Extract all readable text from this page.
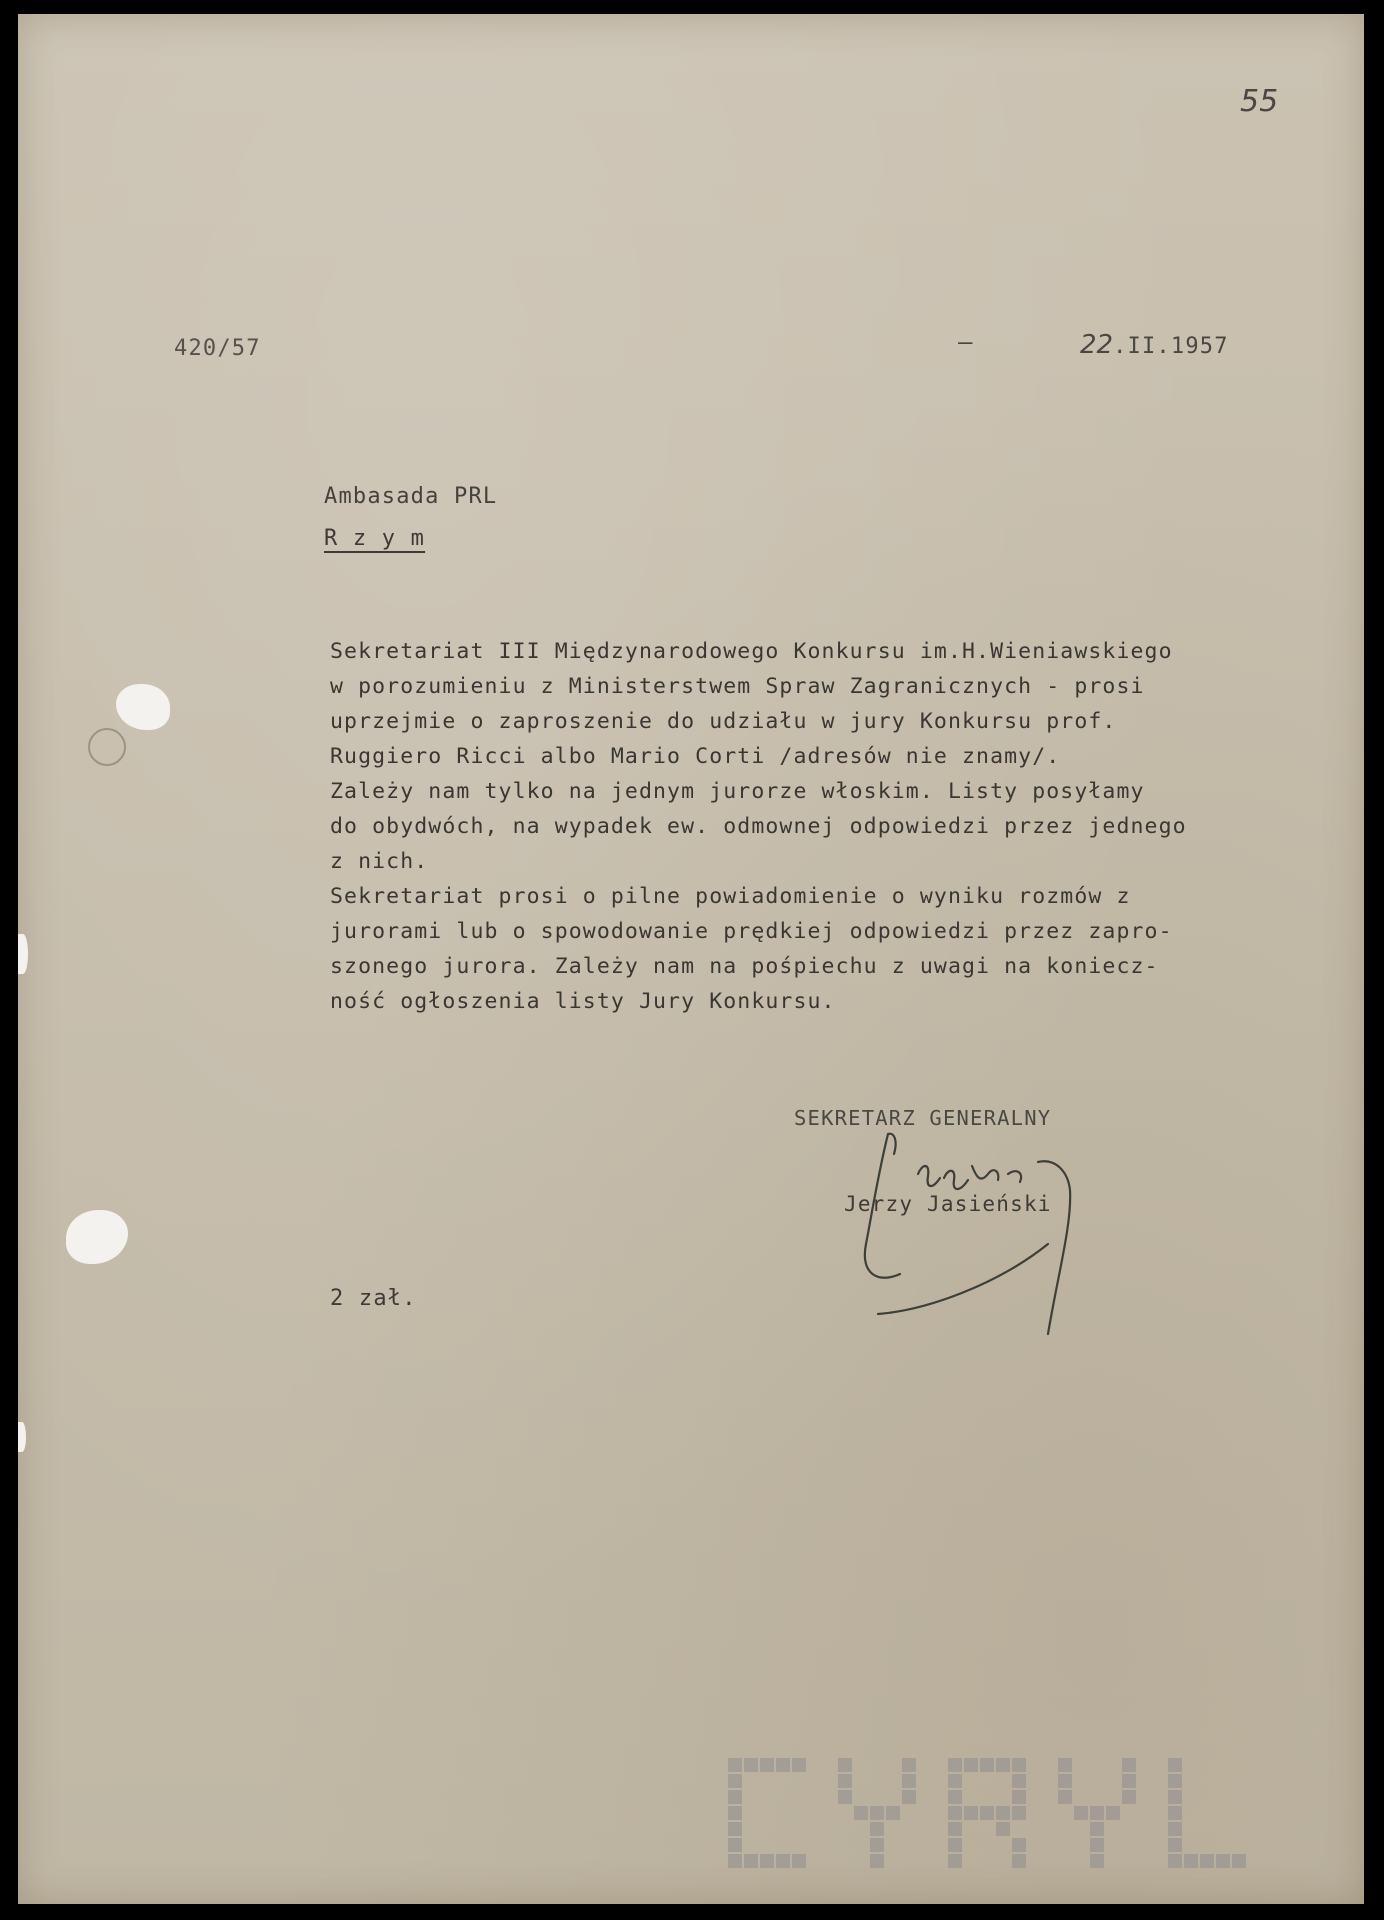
55
420/57	—	22.II.1957
Ambasada PRL
R z y m
Sekretariat III Międzynarodowego Konkursu im.H.Wieniawskiego
w porozumieniu z Ministerstwem Spraw Zagranicznych - prosi
uprzejmie o zaproszenie do udziału w jury Konkursu prof.
Ruggiero Ricci albo Mario Corti /adresów nie znamy/.
Zależy nam tylko na jednym jurorze włoskim. Listy posyłamy
do obydwóch, na wypadek ew. odmownej odpowiedzi przez jednego
z nich.
Sekretariat prosi o pilne powiadomienie o wyniku rozmów z
jurorami lub o spowodowanie prędkiej odpowiedzi przez zapro-
szonego jurora. Zależy nam na pośpiechu z uwagi na koniecz-
ność ogłoszenia listy Jury Konkursu.
SEKRETARZ GENERALNY
Jerzy Jasieński
2 zał.
